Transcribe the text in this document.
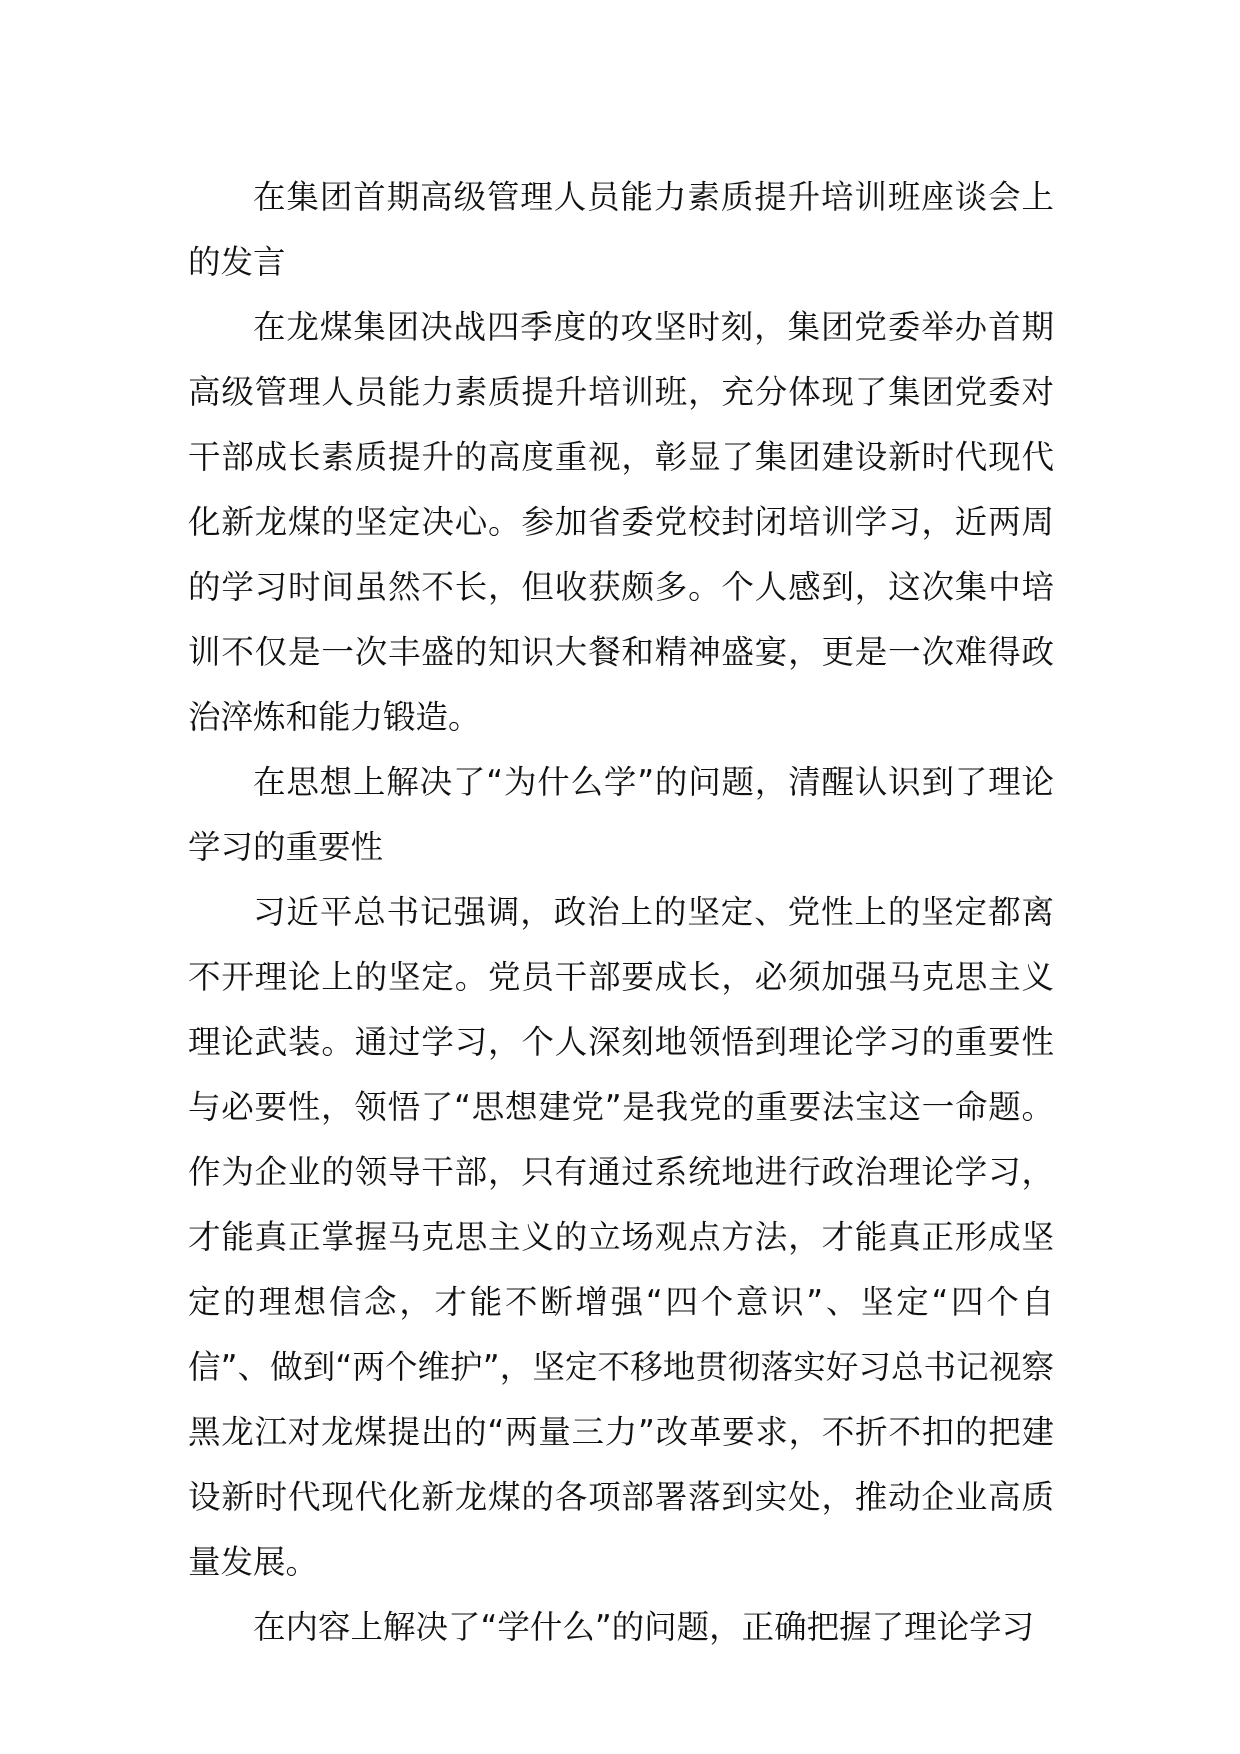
在集团首期高级管理人员能力素质提升培训班座谈会上的发言

在龙煤集团决战四季度的攻坚时刻，集团党委举办首期高级管理人员能力素质提升培训班，充分体现了集团党委对干部成长素质提升的高度重视，彰显了集团建设新时代现代化新龙煤的坚定决心。参加省委党校封闭培训学习，近两周的学习时间虽然不长，但收获颇多。个人感到，这次集中培训不仅是一次丰盛的知识大餐和精神盛宴，更是一次难得政治淬炼和能力锻造。

在思想上解决了“为什么学”的问题，清醒认识到了理论学习的重要性

习近平总书记强调，政治上的坚定、党性上的坚定都离不开理论上的坚定。党员干部要成长，必须加强马克思主义理论武装。通过学习，个人深刻地领悟到理论学习的重要性与必要性，领悟了“思想建党”是我党的重要法宝这一命题。作为企业的领导干部，只有通过系统地进行政治理论学习，才能真正掌握马克思主义的立场观点方法，才能真正形成坚定的理想信念，才能不断增强“四个意识”、坚定“四个自信”、做到“两个维护”，坚定不移地贯彻落实好习总书记视察黑龙江对龙煤提出的“两量三力”改革要求，不折不扣的把建设新时代现代化新龙煤的各项部署落到实处，推动企业高质量发展。

在内容上解决了“学什么”的问题，正确把握了理论学习
